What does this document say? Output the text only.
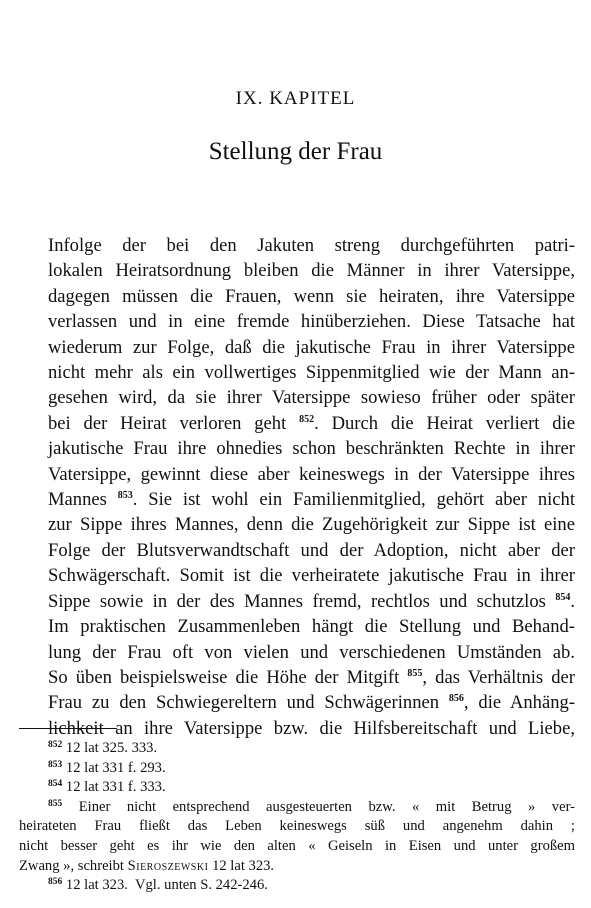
IX. KAPITEL
Stellung der Frau

Infolge der bei den Jakuten streng durchgeführten patri-
lokalen Heiratsordnung bleiben die Männer in ihrer Vatersippe,
dagegen müssen die Frauen, wenn sie heiraten, ihre Vatersippe
verlassen und in eine fremde hinüberziehen. Diese Tatsache hat
wiederum zur Folge, daß die jakutische Frau in ihrer Vatersippe
nicht mehr als ein vollwertiges Sippenmitglied wie der Mann an-
gesehen wird, da sie ihrer Vatersippe sowieso früher oder später
bei der Heirat verloren geht $^{852}$. Durch die Heirat verliert die
jakutische Frau ihre ohnedies schon beschränkten Rechte in ihrer
Vatersippe, gewinnt diese aber keineswegs in der Vatersippe ihres
Mannes $^{853}$. Sie ist wohl ein Familienmitglied, gehört aber nicht
zur Sippe ihres Mannes, denn die Zugehörigkeit zur Sippe ist eine
Folge der Blutsverwandtschaft und der Adoption, nicht aber der
Schwägerschaft. Somit ist die verheiratete jakutische Frau in ihrer
Sippe sowie in der des Mannes fremd, rechtlos und schutzlos $^{854}$.
Im praktischen Zusammenleben hängt die Stellung und Behand-
lung der Frau oft von vielen und verschiedenen Umständen ab.
So üben beispielsweise die Höhe der Mitgift $^{855}$, das Verhältnis der
Frau zu den Schwiegereltern und Schwägerinnen $^{856}$, die Anhäng-
lichkeit an ihre Vatersippe bzw. die Hilfsbereitschaft und Liebe,

$^{852}$ 12 lat 325. 333.
$^{853}$ 12 lat 331 f. 293.
$^{854}$ 12 lat 331 f. 333.
$^{855}$ Einer nicht entsprechend ausgesteuerten bzw. « mit Betrug » ver-
heirateten Frau fließt das Leben keineswegs süß und angenehm dahin ;
nicht besser geht es ihr wie den alten « Geiseln in Eisen und unter großem
Zwang », schreibt Sieroszewski 12 lat 323.
$^{856}$ 12 lat 323.  Vgl. unten S. 242-246.
